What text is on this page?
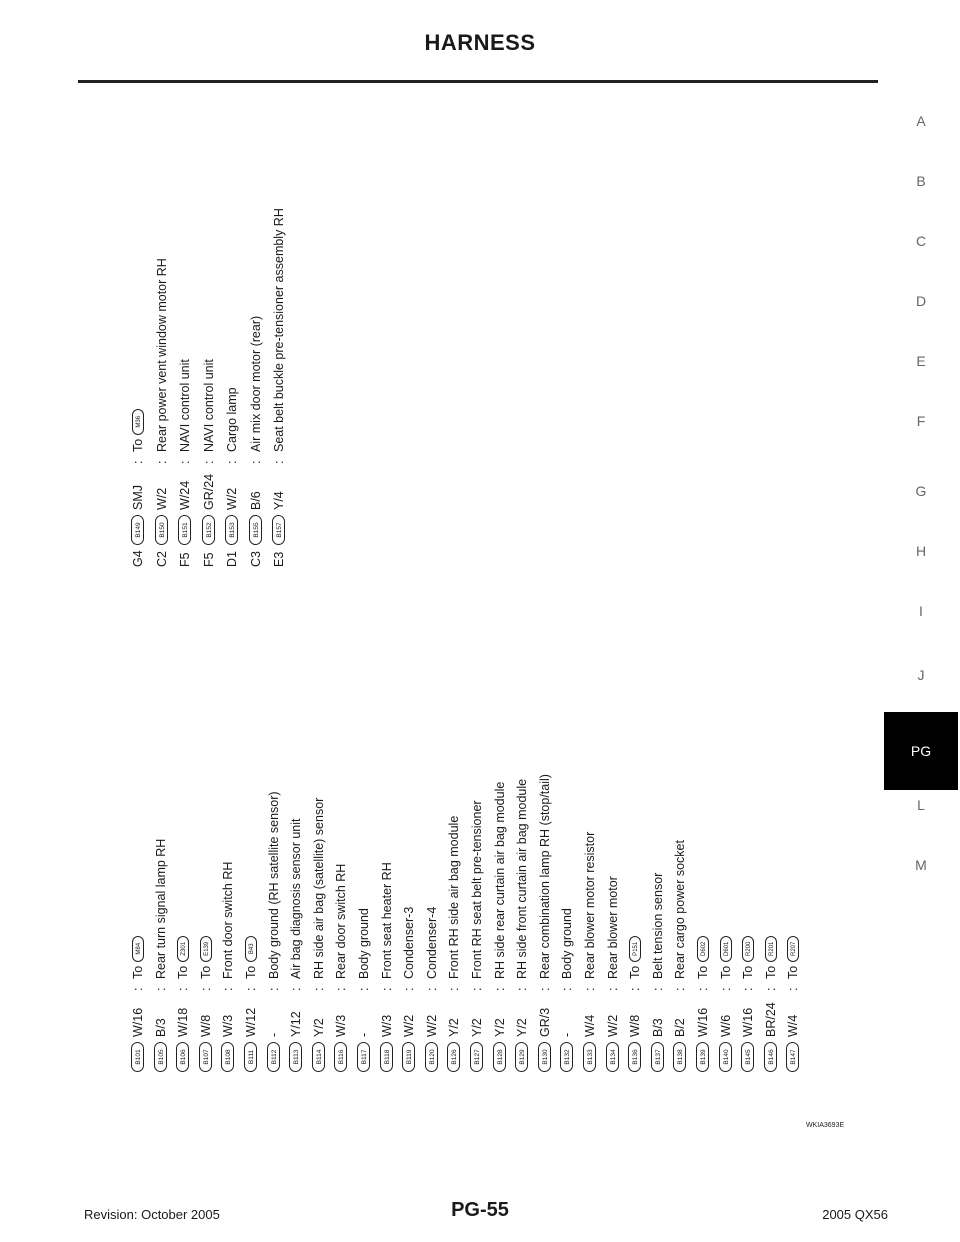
HARNESS
A
B
C
D
E
F
G
H
I
J
PG
L
M
G4B149SMJ:ToM36
C2B150W/2:Rear power vent window motor RH
F5B151W/24:NAVI control unit
F5B152GR/24:NAVI control unit
D1B153W/2:Cargo lamp
C3B155B/6:Air mix door motor (rear)
E3B157Y/4:Seat belt buckle pre-tensioner assembly RH
B101W/16:ToM84
B105B/3:Rear turn signal lamp RH
B106W/18:ToZ301
B107W/8:ToE139
B108W/3:Front door switch RH
B111W/12:ToB43
B112-:Body ground (RH satellite sensor)
B113Y/12:Air bag diagnosis sensor unit
B114Y/2:RH side air bag (satellite) sensor
B116W/3:Rear door switch RH
B117-:Body ground
B118W/3:Front seat heater RH
B119W/2:Condenser-3
B120W/2:Condenser-4
B126Y/2:Front RH side air bag module
B127Y/2:Front RH seat belt pre-tensioner
B128Y/2:RH side rear curtain air bag module
B129Y/2:RH side front curtain air bag module
B130GR/3:Rear combination lamp RH (stop/tail)
B132-:Body ground
B133W/4:Rear blower motor resistor
B134W/2:Rear blower motor
B136W/8:ToP151
B137B/3:Belt tension sensor
B138B/2:Rear cargo power socket
B139W/16:ToD602
B140W/6:ToD601
B145W/16:ToR200
B146BR/24:ToR201
B147W/4:ToR207
WKIA3693E
Revision: October 2005	PG-55	2005 QX56
